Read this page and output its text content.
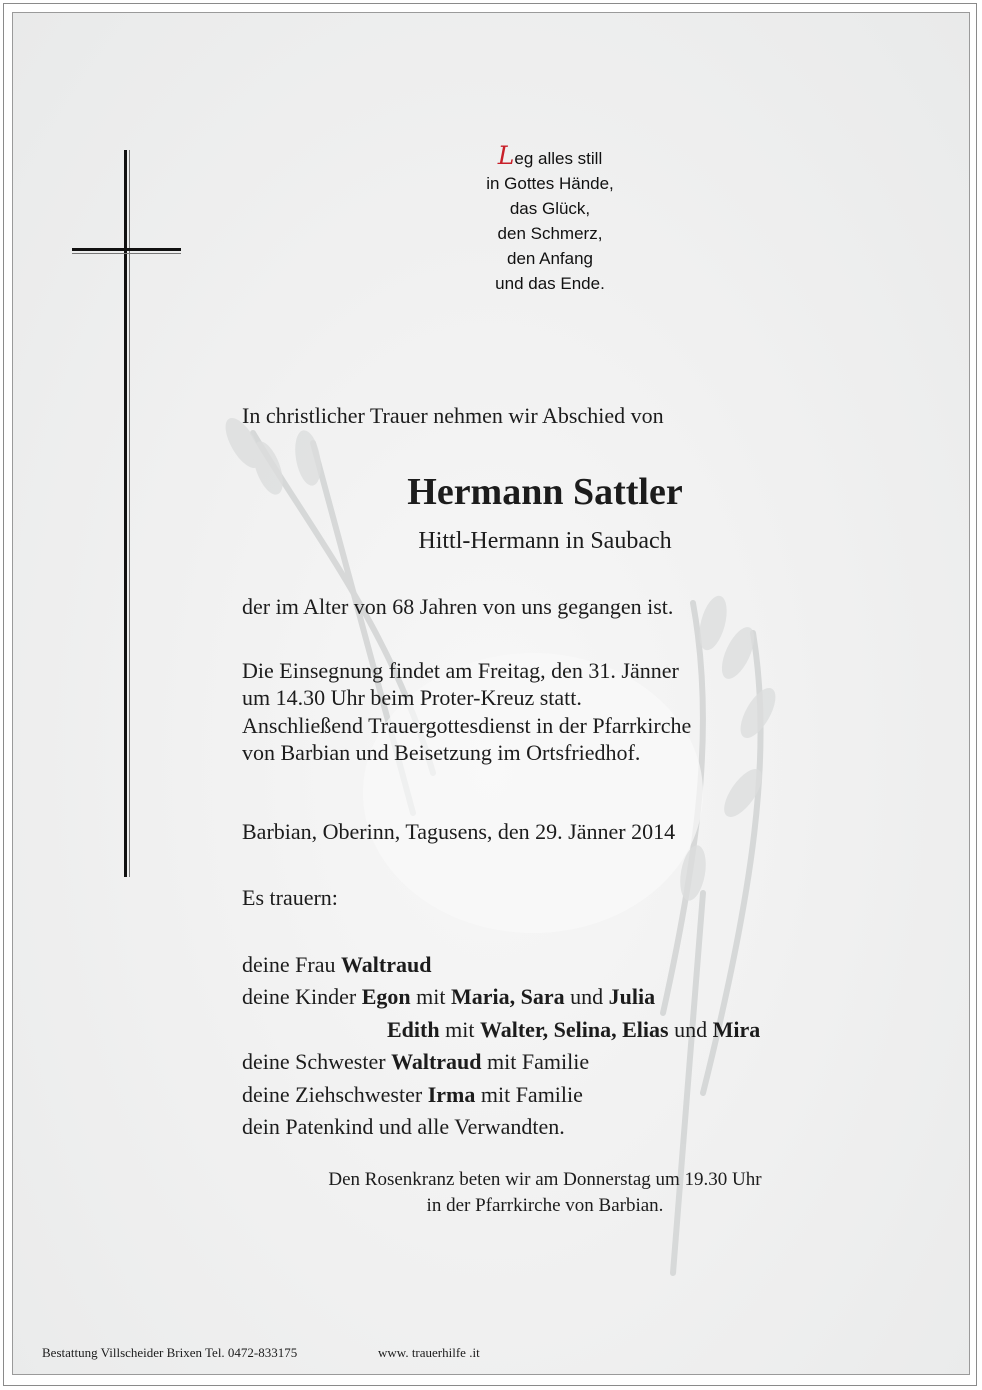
Leg alles still
in Gottes Hände,
das Glück,
den Schmerz,
den Anfang
und das Ende.
In christlicher Trauer nehmen wir Abschied von
Hermann Sattler
Hittl-Hermann in Saubach
der im Alter von 68 Jahren von uns gegangen ist.
Die Einsegnung findet am Freitag, den 31. Jänner
um 14.30 Uhr beim Proter-Kreuz statt.
Anschließend Trauergottesdienst in der Pfarrkirche
von Barbian und Beisetzung im Ortsfriedhof.
Barbian, Oberinn, Tagusens, den 29. Jänner 2014
Es trauern:
deine Frau Waltraud
deine Kinder Egon mit Maria, Sara und Julia
Edith mit Walter, Selina, Elias und Mira
deine Schwester Waltraud mit Familie
deine Ziehschwester Irma mit Familie
dein Patenkind und alle Verwandten.
Den Rosenkranz beten wir am Donnerstag um 19.30 Uhr
in der Pfarrkirche von Barbian.
Bestattung Villscheider Brixen Tel. 0472-833175	www. trauerhilfe .it
